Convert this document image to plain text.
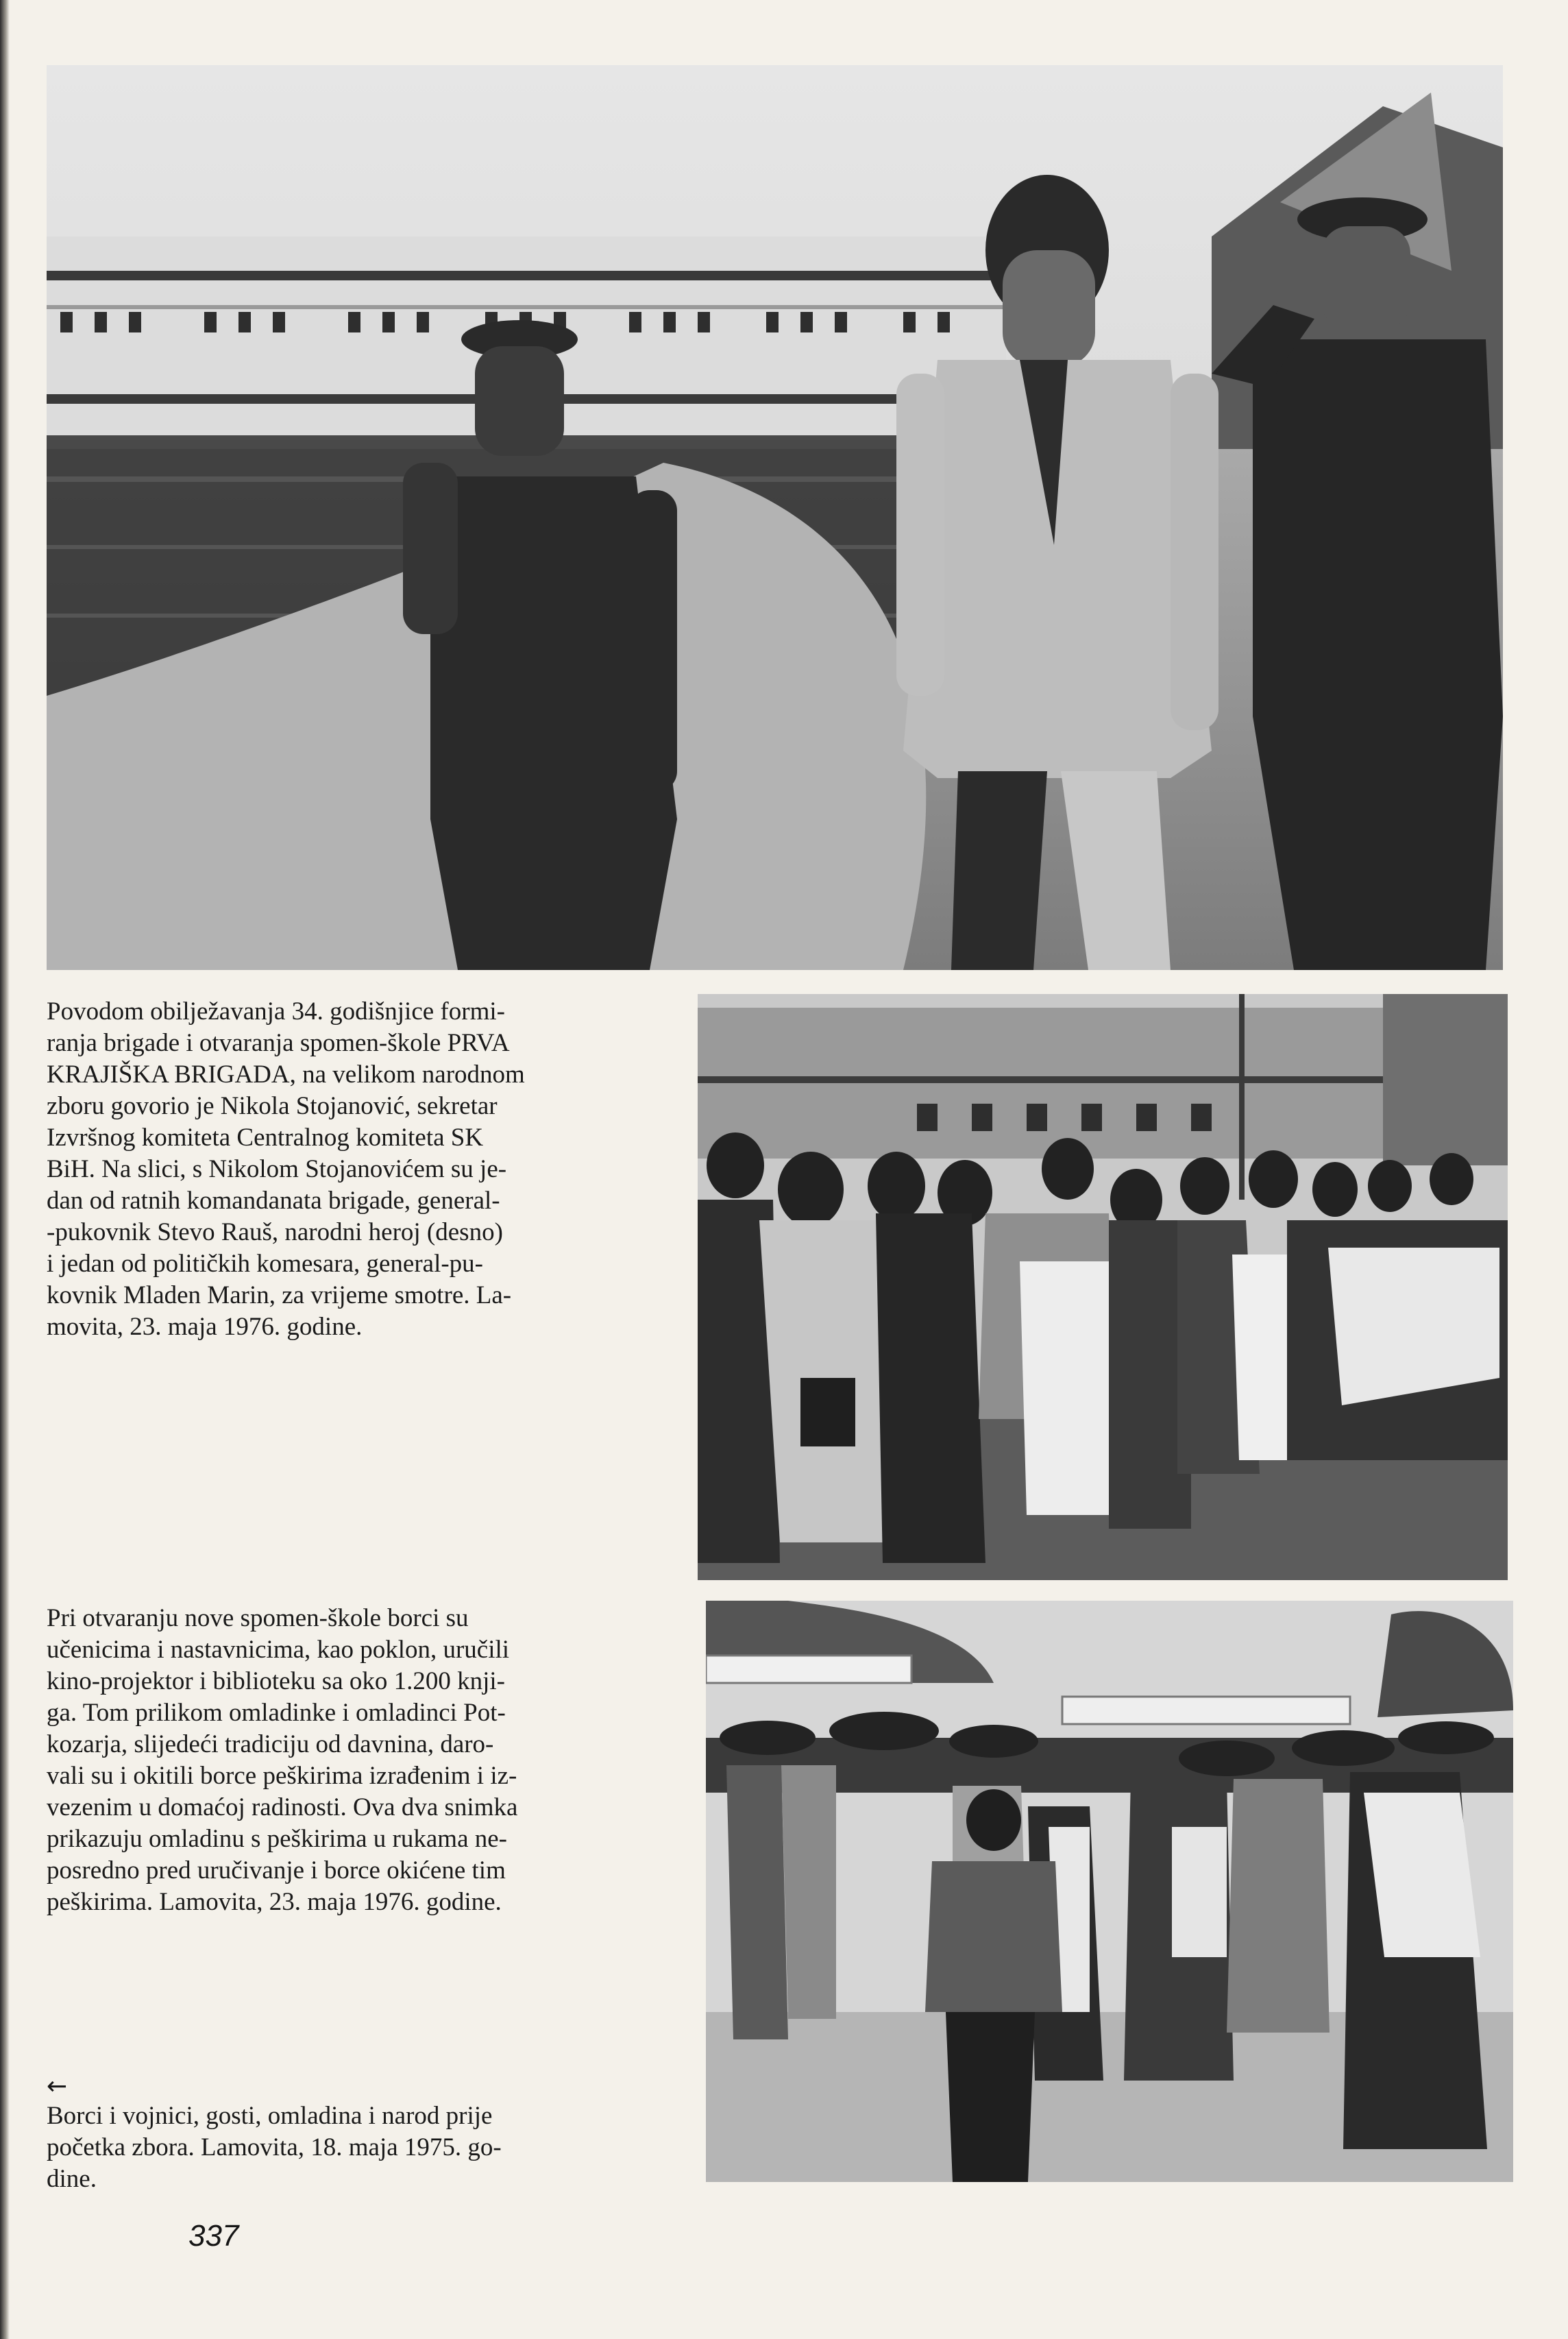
Povodom obilježavanja 34. godišnjice formi-
ranja brigade i otvaranja spomen-škole PRVA
KRAJIŠKA BRIGADA, na velikom narodnom
zboru govorio je Nikola Stojanović, sekretar
Izvršnog komiteta Centralnog komiteta SK
BiH. Na slici, s Nikolom Stojanovićem su je-
dan od ratnih komandanata brigade, general-
-pukovnik Stevo Rauš, narodni heroj (desno)
i jedan od političkih komesara, general-pu-
kovnik Mladen Marin, za vrijeme smotre. La-
movita, 23. maja 1976. godine.
Pri otvaranju nove spomen-škole borci su
učenicima i nastavnicima, kao poklon, uručili
kino-projektor i biblioteku sa oko 1.200 knji-
ga. Tom prilikom omladinke i omladinci Pot-
kozarja, slijedeći tradiciju od davnina, daro-
vali su i okitili borce peškirima izrađenim i iz-
vezenim u domaćoj radinosti. Ova dva snimka
prikazuju omladinu s peškirima u rukama ne-
posredno pred uručivanje i borce okićene tim
peškirima. Lamovita, 23. maja 1976. godine.
←
Borci i vojnici, gosti, omladina i narod prije
početka zbora. Lamovita, 18. maja 1975. go-
dine.
337
